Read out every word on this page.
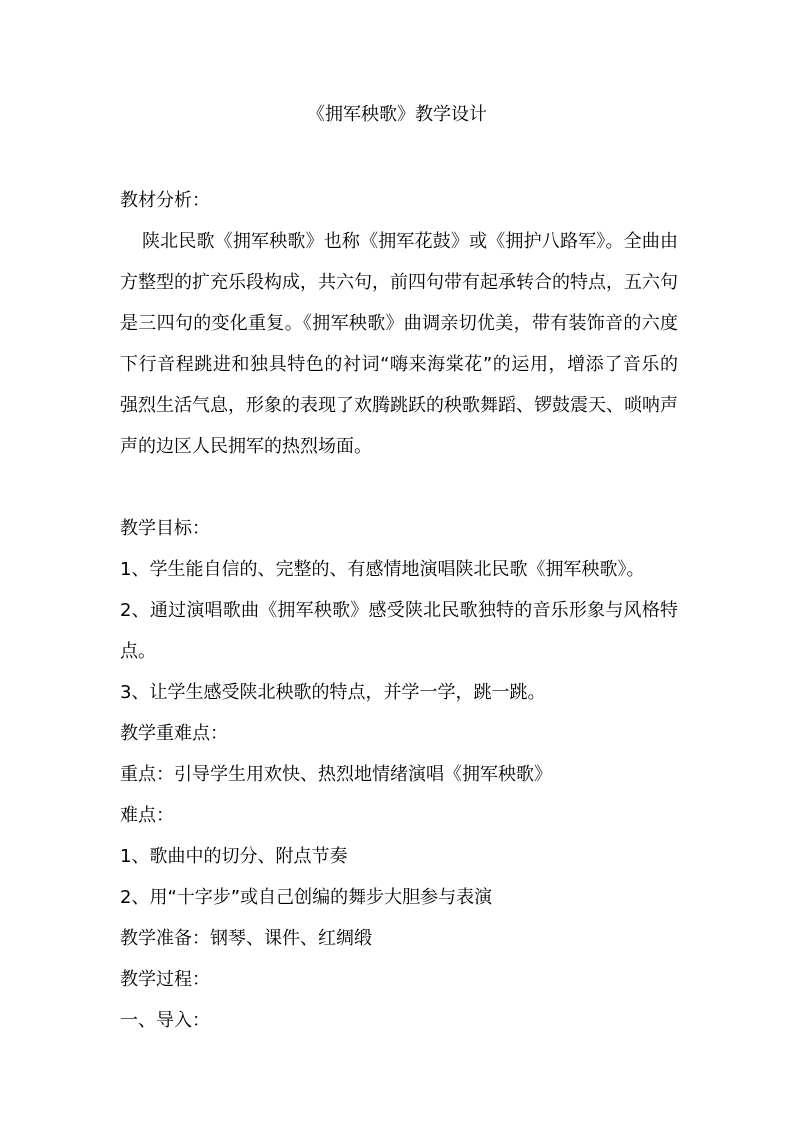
《拥军秧歌》教学设计
教材分析：
陕北民歌《拥军秧歌》也称《拥军花鼓》或《拥护八路军》。全曲由方整型的扩充乐段构成，共六句，前四句带有起承转合的特点，五六句是三四句的变化重复。《拥军秧歌》曲调亲切优美，带有装饰音的六度下行音程跳进和独具特色的衬词“嗨来海棠花”的运用，增添了音乐的强烈生活气息，形象的表现了欢腾跳跃的秧歌舞蹈、锣鼓震天、唢呐声声的边区人民拥军的热烈场面。
教学目标：
1、学生能自信的、完整的、有感情地演唱陕北民歌《拥军秧歌》。
2、通过演唱歌曲《拥军秧歌》感受陕北民歌独特的音乐形象与风格特点。
3、让学生感受陕北秧歌的特点，并学一学，跳一跳。
教学重难点：
重点：引导学生用欢快、热烈地情绪演唱《拥军秧歌》
难点：
1、歌曲中的切分、附点节奏
2、用“十字步”或自己创编的舞步大胆参与表演
教学准备：钢琴、课件、红绸缎
教学过程：
一、导入：
